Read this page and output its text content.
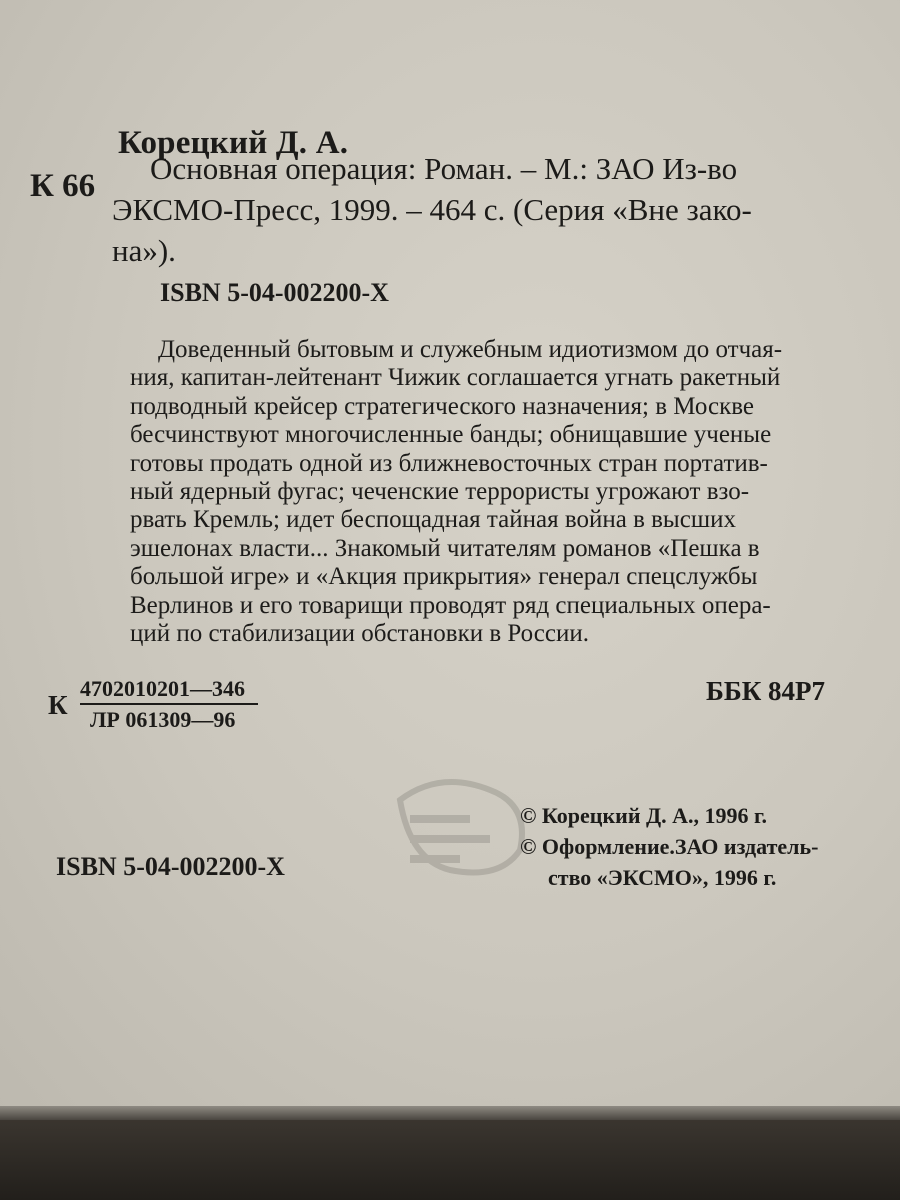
Корецкий Д. А.

К 66	Основная операция: Роман. – М.: ЗАО Из-во
ЭКСМО-Пресс, 1999. – 464 с. (Серия «Вне зако-
на»).

ISBN 5-04-002200-X

Доведенный бытовым и служебным идиотизмом до отчая-
ния, капитан-лейтенант Чижик соглашается угнать ракетный
подводный крейсер стратегического назначения; в Москве
бесчинствуют многочисленные банды; обнищавшие ученые
готовы продать одной из ближневосточных стран портатив-
ный ядерный фугас; чеченские террористы угрожают взо-
рвать Кремль; идет беспощадная тайная война в высших
эшелонах власти... Знакомый читателям романов «Пешка в
большой игре» и «Акция прикрытия» генерал спецслужбы
Верлинов и его товарищи проводят ряд специальных опера-
ций по стабилизации обстановки в России.

К

4702010201—346
ЛР 061309—96

ББК 84Р7

© Корецкий Д. А., 1996 г.
© Оформление.ЗАО издатель-
ство «ЭКСМО», 1996 г.

ISBN 5-04-002200-X
